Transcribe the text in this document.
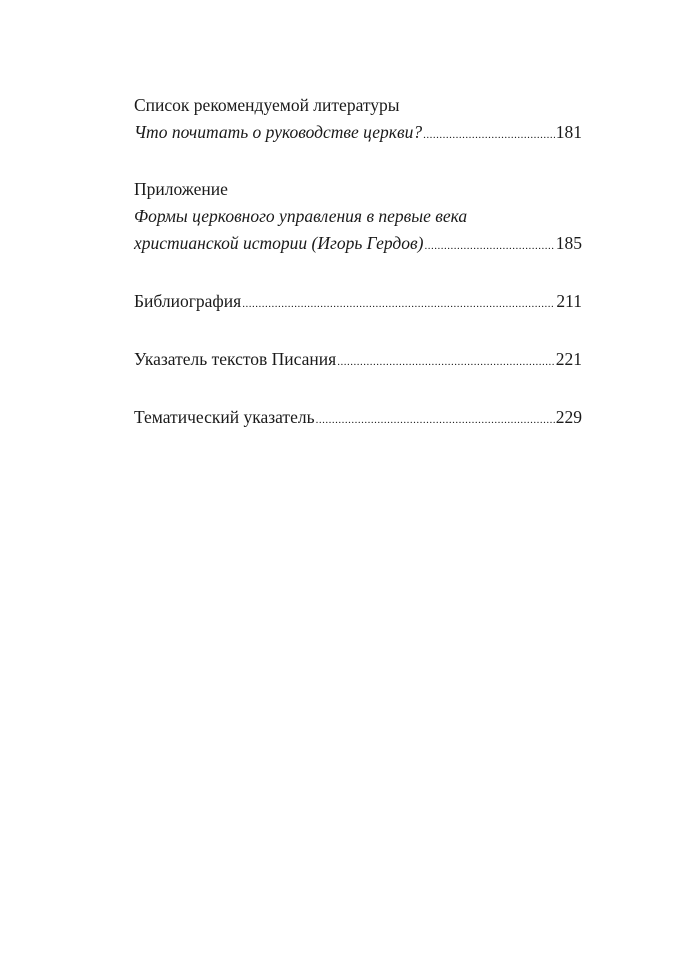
Список рекомендуемой литературы
Что почитать о руководстве церкви? .....	181
Приложение
Формы церковного управления в первые века
христианской истории (Игорь Гердов) .....	185
Библиография .....	211
Указатель текстов Писания .....	221
Тематический указатель .....	229
